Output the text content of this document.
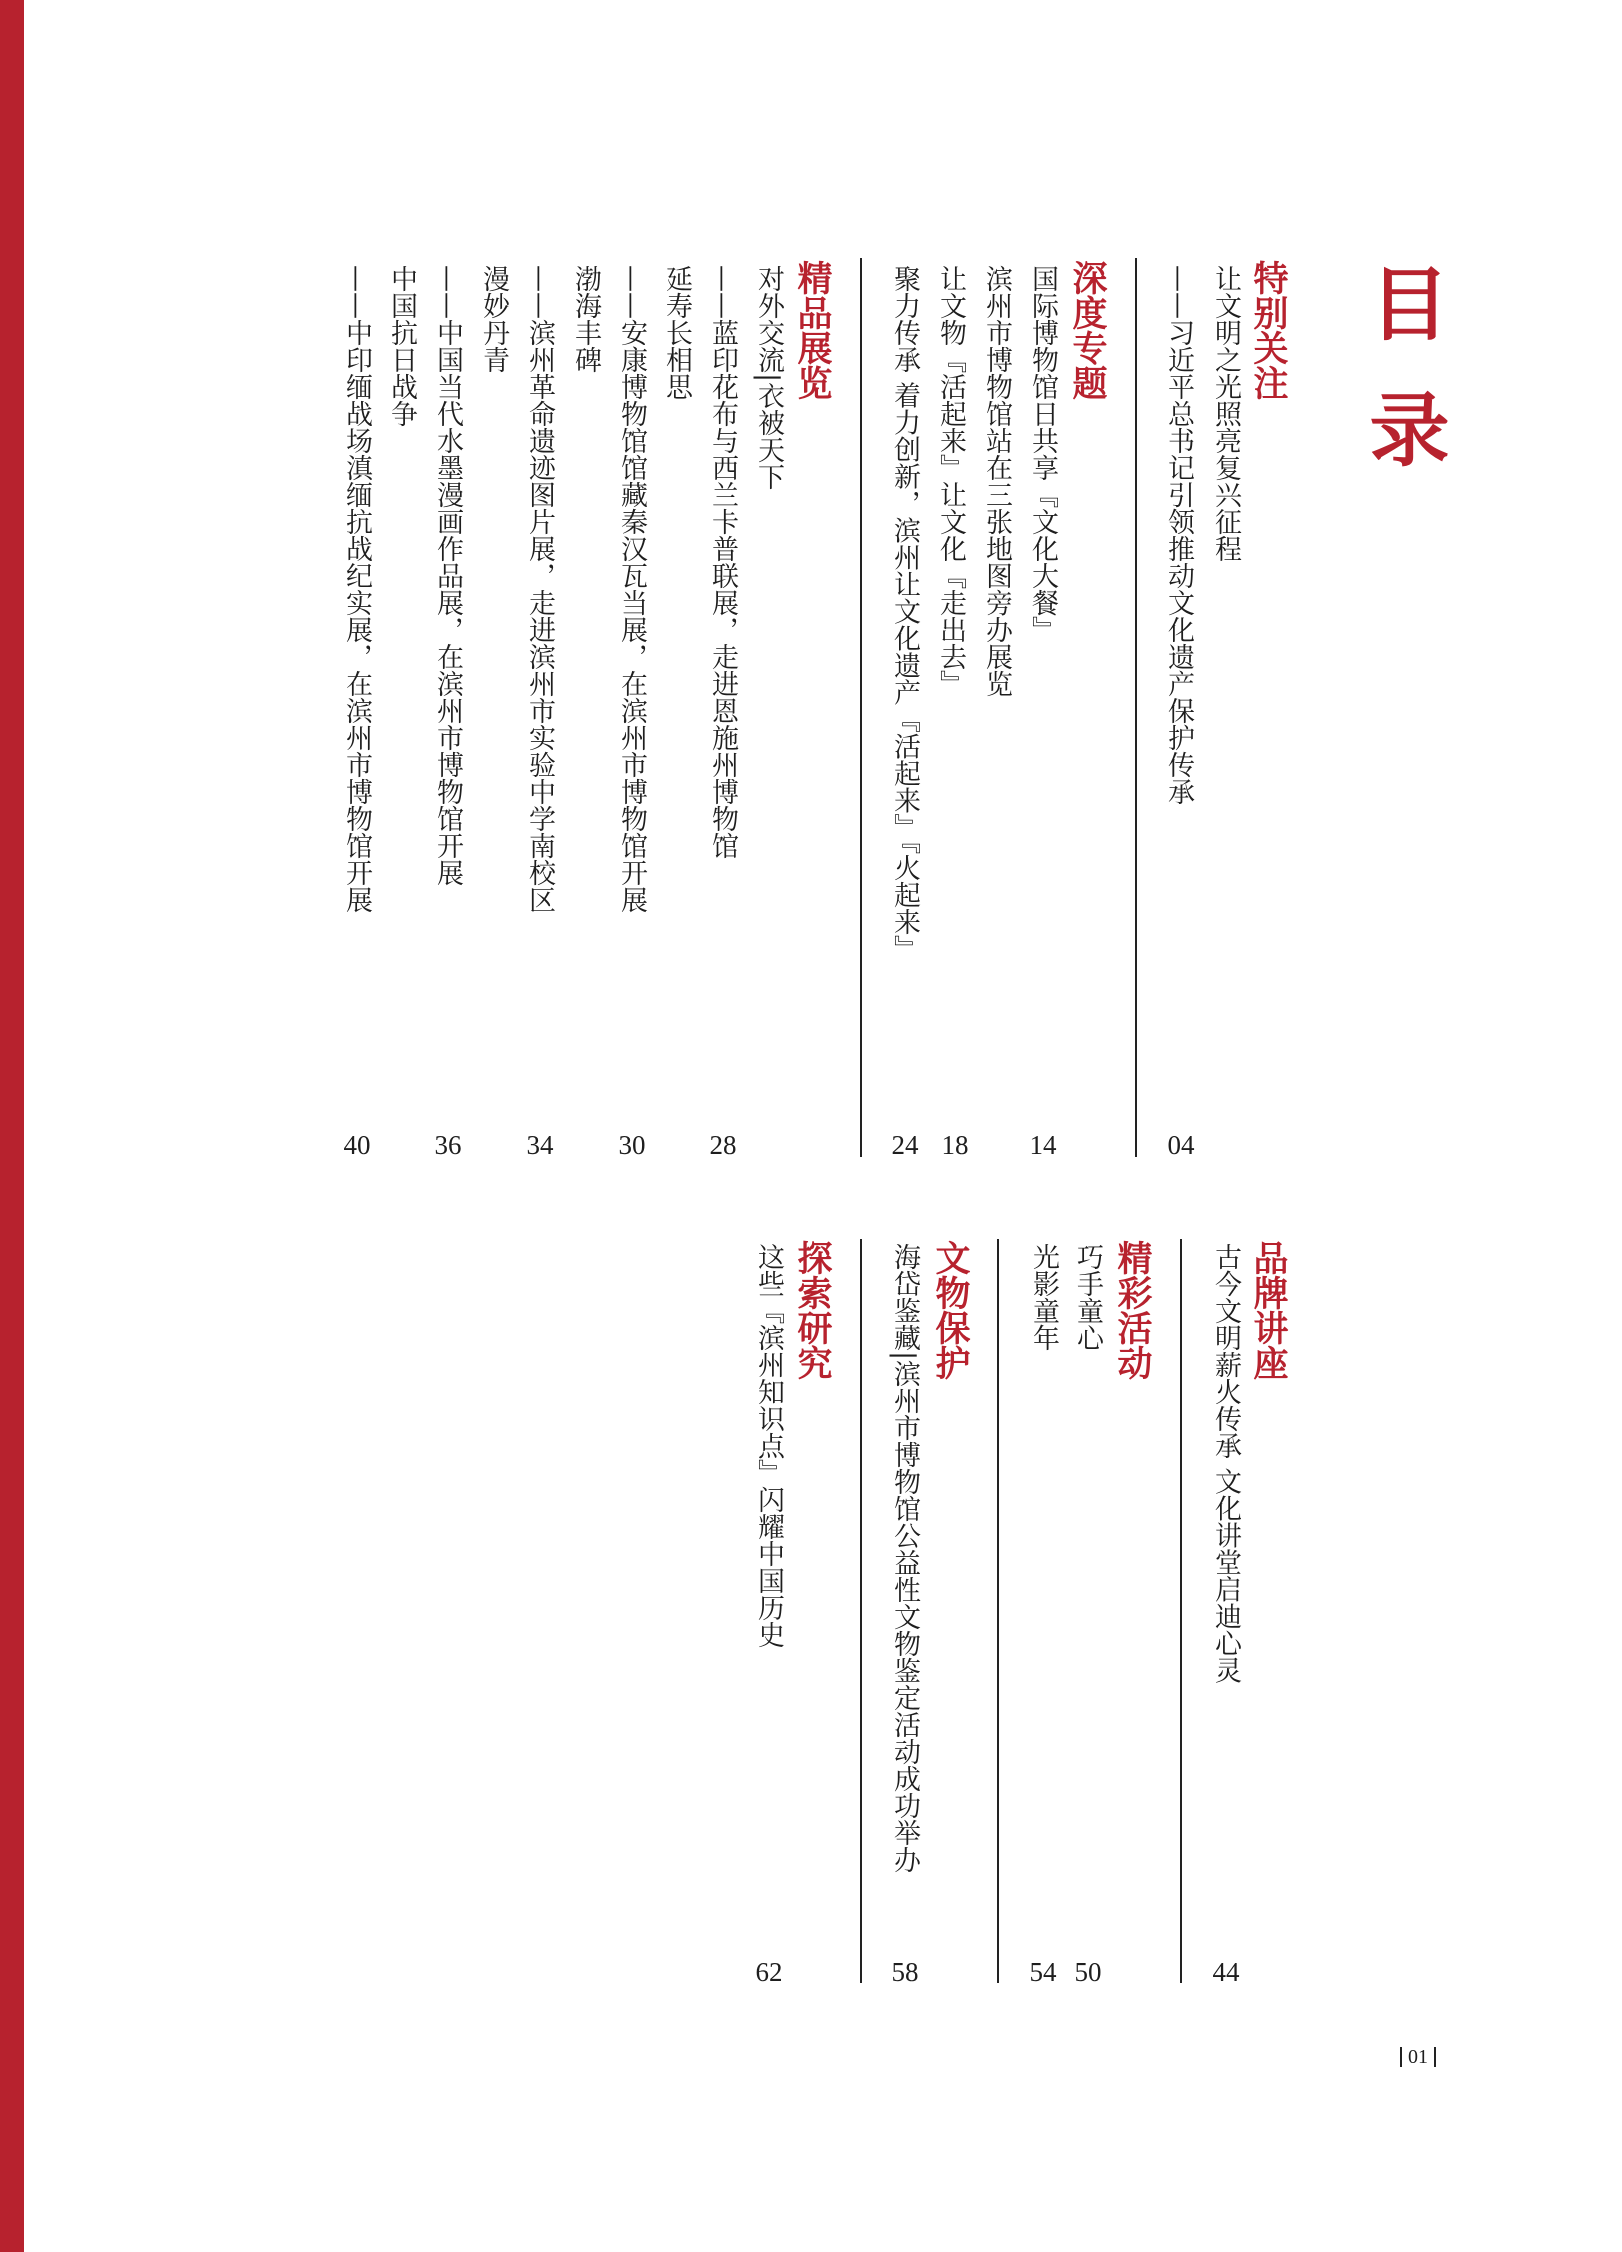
目录
特别关注
让文明之光照亮复兴征程
——习近平总书记引领推动文化遗产保护传承
04
深度专题
国际博物馆日共享『文化大餐』
滨州市博物馆站在三张地图旁办展览
让文物『活起来』让文化『走出去』
聚力传承 着力创新，滨州让文化遗产『活起来』『火起来』
14
18
24
精品展览
对外交流|衣被天下
——蓝印花布与西兰卡普联展，走进恩施州博物馆
延寿长相思
——安康博物馆馆藏秦汉瓦当展，在滨州市博物馆开展
渤海丰碑
——滨州革命遗迹图片展，走进滨州市实验中学南校区
漫妙丹青
——中国当代水墨漫画作品展，在滨州市博物馆开展
中国抗日战争
——中印缅战场滇缅抗战纪实展，在滨州市博物馆开展
28
30
34
36
40
品牌讲座
古今文明薪火传承 文化讲堂启迪心灵
44
精彩活动
巧手童心
光影童年
50
54
文物保护
海岱鉴藏|滨州市博物馆公益性文物鉴定活动成功举办
58
探索研究
这些『滨州知识点』闪耀中国历史
62
01
